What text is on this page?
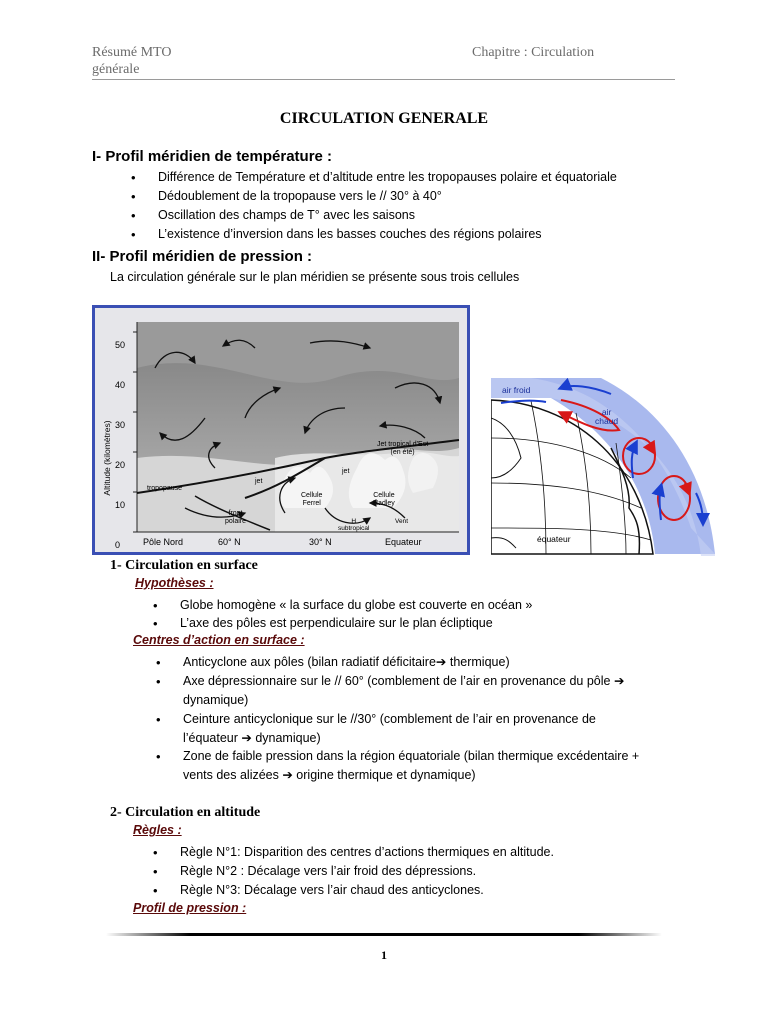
Résumé MTO
générale
Chapitre : Circulation
CIRCULATION GENERALE
I- Profil méridien de température :
• Différence de Température et d’altitude entre les tropopauses polaire et équatoriale
• Dédoublement de la tropopause vers le // 30° à 40°
• Oscillation des champs de T° avec les saisons
• L’existence d’inversion dans les basses couches des régions polaires
II- Profil méridien de pression :
La circulation générale sur le plan méridien se présente sous trois cellules
Altitude (kilomètres)
50
40
30
20
10
0	Pôle Nord	60° N	30° N	Equateur
tropopause
jet
jet
front
polaire
Cellule
Ferrel
Cellule
Hadley
Jet tropical d'Est
(en été)
H
subtropical
Vent
air froid
air
chaud
équateur
1- Circulation en surface
Hypothèses :
• Globe homogène « la surface du globe est couverte en océan »
• L’axe des pôles est perpendiculaire sur le plan écliptique
Centres d’action en surface :
• Anticyclone aux pôles (bilan radiatif déficitaire➔ thermique)
• Axe dépressionnaire sur le // 60° (comblement de l’air en provenance du pôle ➔
dynamique)
• Ceinture anticyclonique sur le //30° (comblement de l’air en provenance de
l’équateur ➔ dynamique)
• Zone de faible pression dans la région équatoriale (bilan thermique excédentaire +
vents des alizées ➔ origine thermique et dynamique)
2- Circulation en altitude
Règles :
• Règle N°1: Disparition des centres d’actions thermiques en altitude.
• Règle N°2 : Décalage vers l’air froid des dépressions.
• Règle N°3: Décalage vers l’air chaud des anticyclones.
Profil de pression :
1
